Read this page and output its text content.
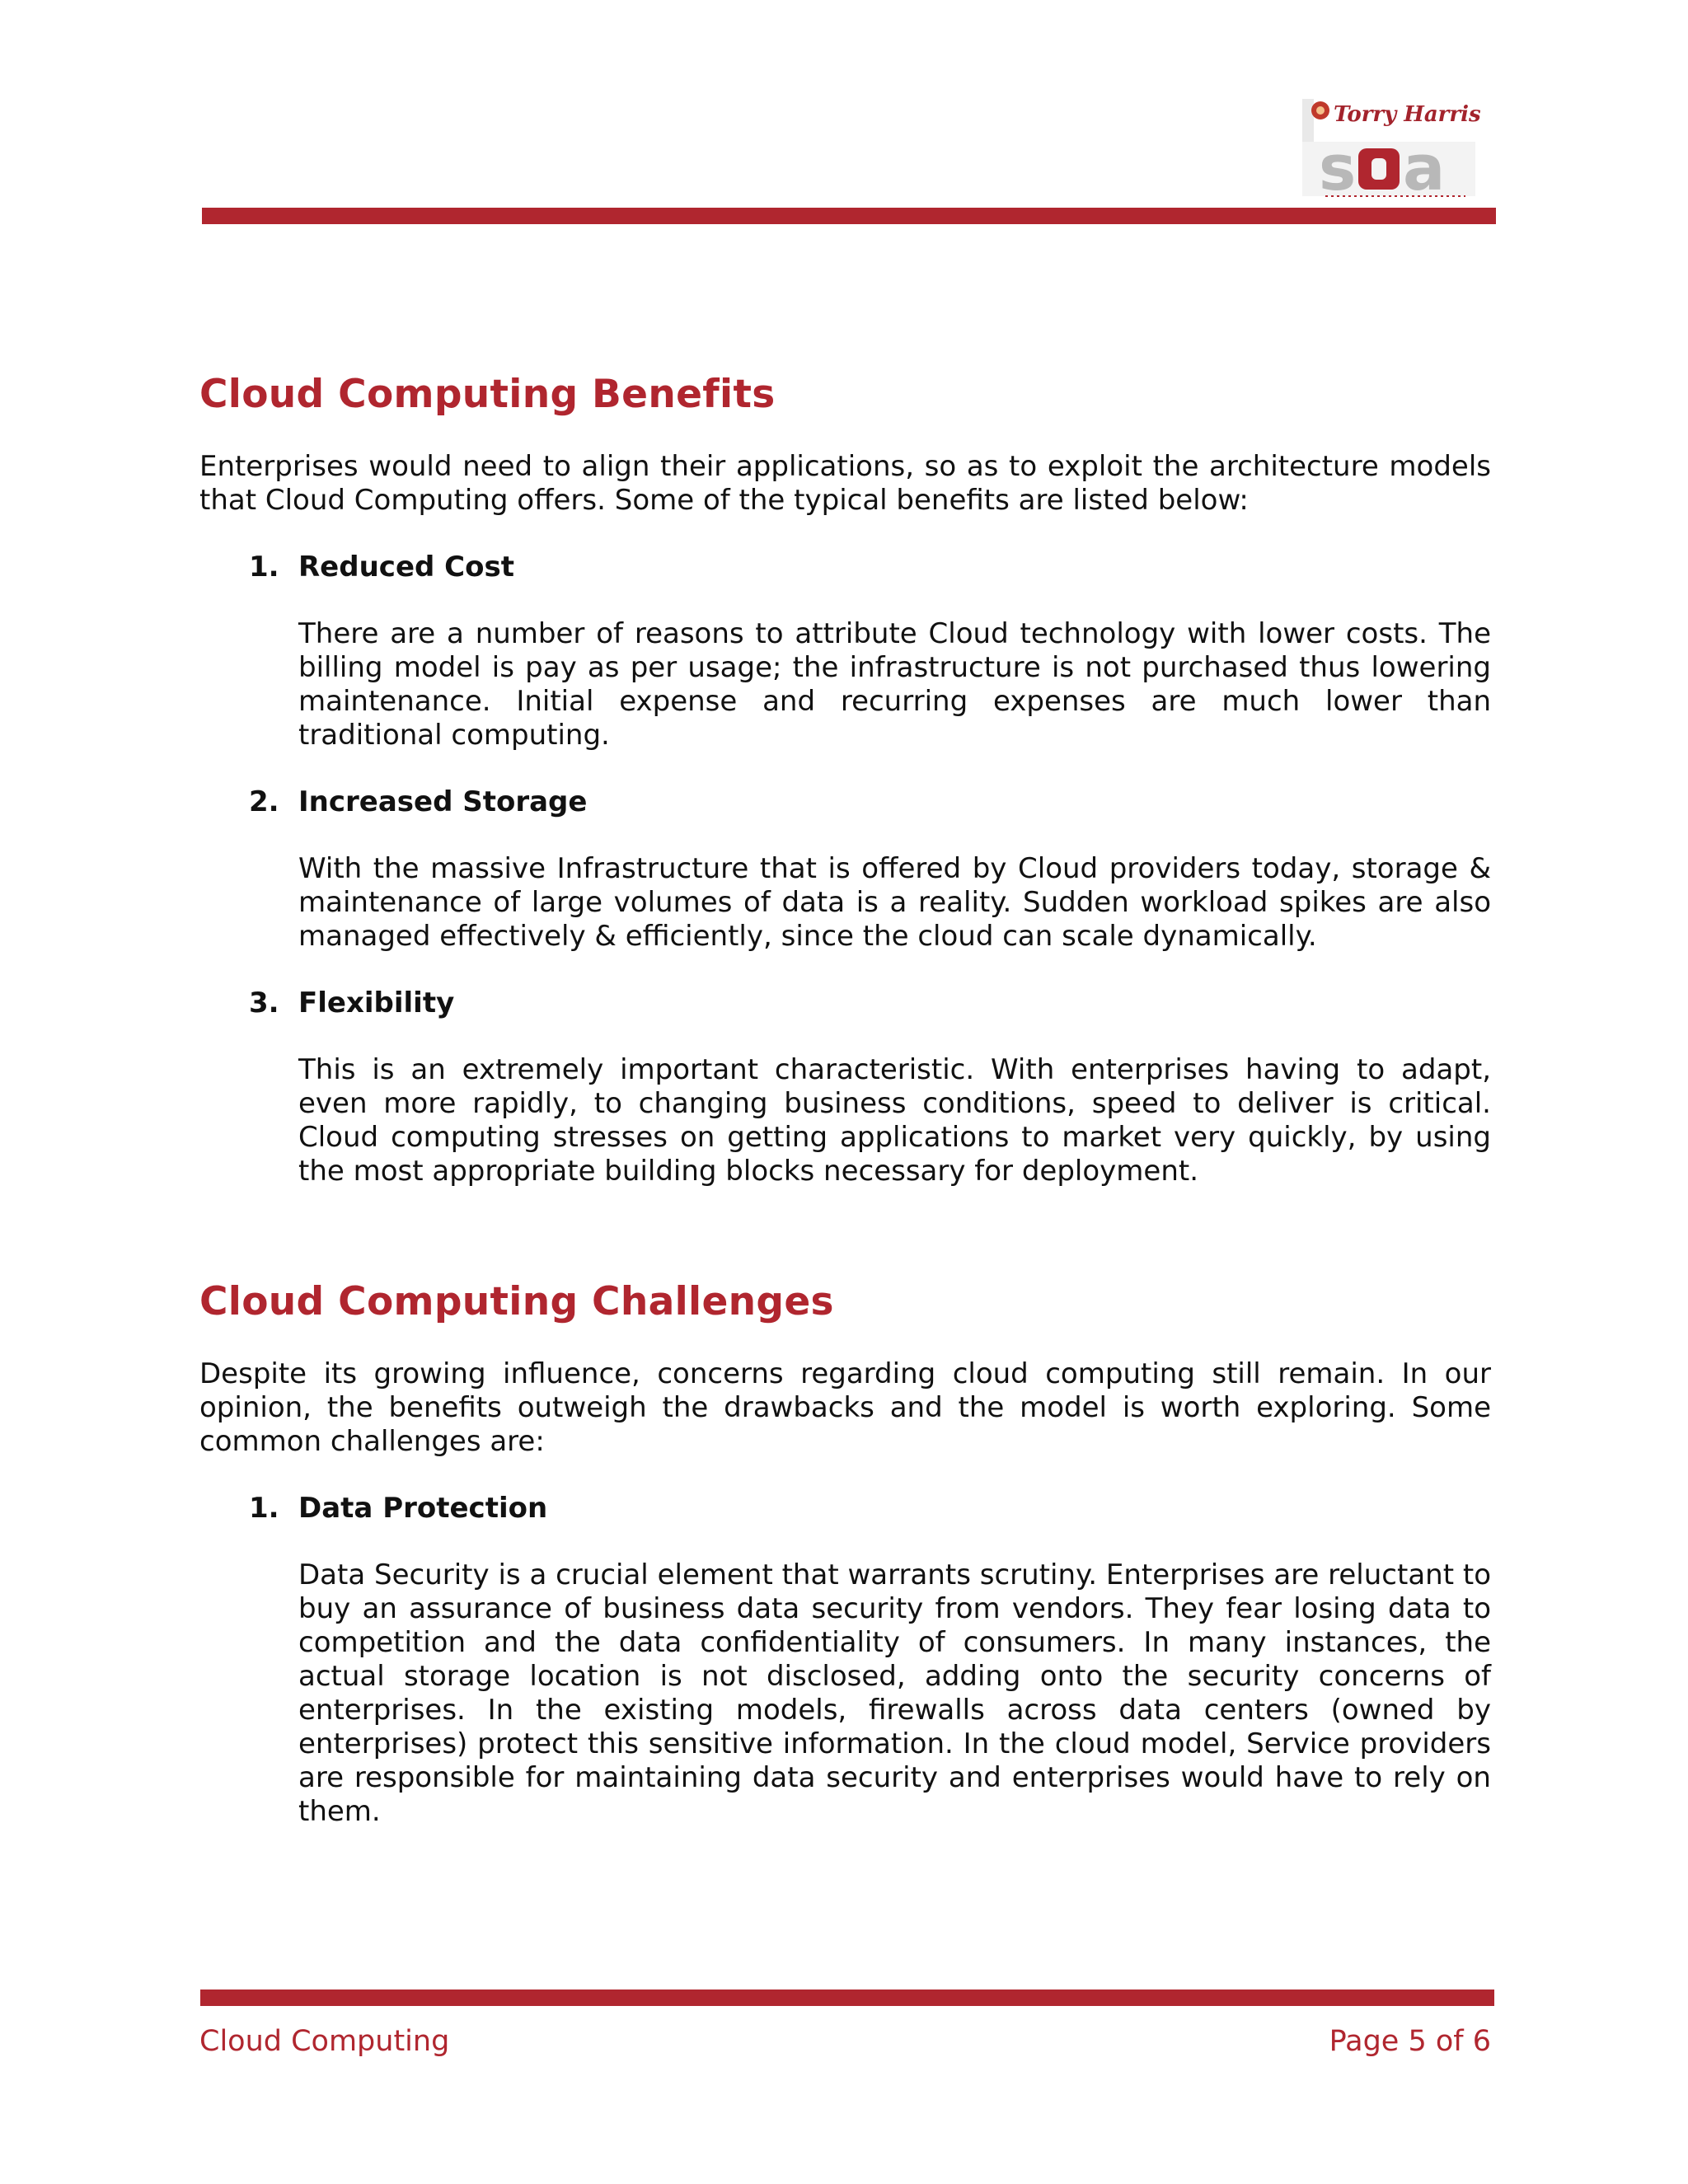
Torry Harris
s a
Cloud Computing Benefits

Enterprises would need to align their applications, so as to exploit the architecture models that Cloud Computing offers. Some of the typical benefits are listed below:

1. Reduced Cost

There are a number of reasons to attribute Cloud technology with lower costs. The billing model is pay as per usage; the infrastructure is not purchased thus lowering maintenance. Initial expense and recurring expenses are much lower than traditional computing.

2. Increased Storage

With the massive Infrastructure that is offered by Cloud providers today, storage & maintenance of large volumes of data is a reality. Sudden workload spikes are also managed effectively & efficiently, since the cloud can scale dynamically.

3. Flexibility

This is an extremely important characteristic. With enterprises having to adapt, even more rapidly, to changing business conditions, speed to deliver is critical. Cloud computing stresses on getting applications to market very quickly, by using the most appropriate building blocks necessary for deployment.

Cloud Computing Challenges

Despite its growing influence, concerns regarding cloud computing still remain. In our opinion, the benefits outweigh the drawbacks and the model is worth exploring. Some common challenges are:

1. Data Protection

Data Security is a crucial element that warrants scrutiny. Enterprises are reluctant to buy an assurance of business data security from vendors. They fear losing data to competition and the data confidentiality of consumers. In many instances, the actual storage location is not disclosed, adding onto the security concerns of enterprises. In the existing models, firewalls across data centers (owned by enterprises) protect this sensitive information. In the cloud model, Service providers are responsible for maintaining data security and enterprises would have to rely on them.

Cloud Computing	Page 5 of 6
